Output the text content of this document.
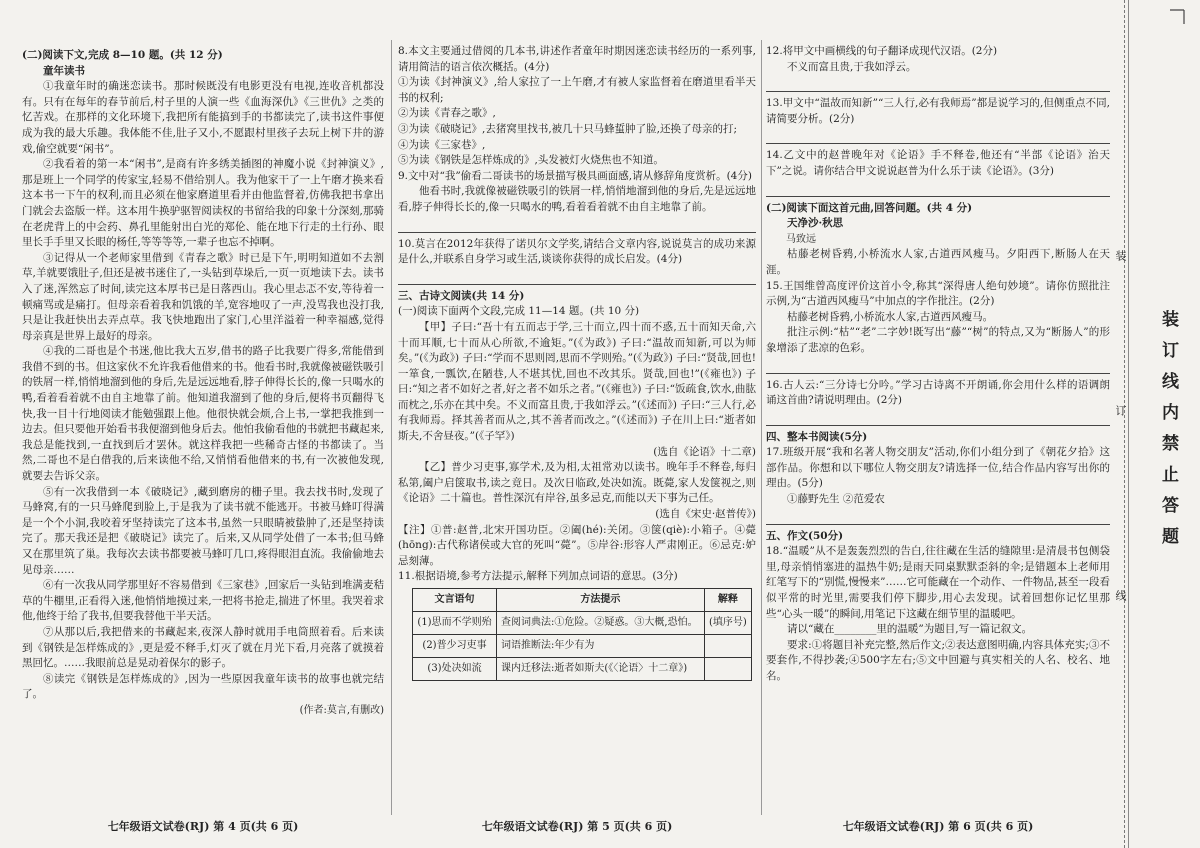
(二)阅读下文,完成 8—10 题。(共 12 分)

童年读书

①我童年时的确迷恋读书。那时候既没有电影更没有电视,连收音机都没有。只有在每年的春节前后,村子里的人演一些《血海深仇》《三世仇》之类的忆苦戏。在那样的文化环境下,我把所有能搞到手的书都读完了,读书这件事便成为我的最大乐趣。我体能不佳,肚子又小,不愿跟村里孩子去玩上树下井的游戏,偷空就要“闲书”。

②我看着的第一本“闲书”,是商有许多绣美插图的神魔小说《封神演义》,那是班上一个同学的传家宝,轻易不借给别人。我为他家干了一上午磨才换来看这本书一下午的权利,而且必须在他家磨道里看并由他监督着,仿佛我把书拿出门就会去盗版一样。这本用牛换驴驱智阅读权的书留给我的印象十分深刻,那骑在老虎背上的中会药、鼻孔里能射出白光的郑伦、能在地下行走的土行孙、眼里长手手里又长眼的杨任,等等等等,一辈子也忘不掉啊。

③记得从一个老师家里借到《青春之歌》时已是下午,明明知道如不去割草,羊就要饿肚子,但还是被书迷住了,一头钻到草垛后,一页一页地读下去。读书入了迷,浑然忘了时间,读完这本厚书已是日落西山。我心里忐忑不安,等待着一顿痛骂或是痛打。但母亲看着我和饥饿的羊,宽容地叹了一声,没骂我也没打我,只是让我赶快出去弄点草。我飞快地跑出了家门,心里洋溢着一种幸福感,觉得母亲真是世界上最好的母亲。

④我的二哥也是个书迷,他比我大五岁,借书的路子比我要广得多,常能借到我借不到的书。但这家伙不允许我看他借来的书。他看书时,我就像被磁铁吸引的铁屑一样,悄悄地溜到他的身后,先是远远地看,脖子伸得长长的,像一只喝水的鸭,看着看着就不由自主地靠了前。他知道我溜到了他的身后,便将书页翻得飞快,我一目十行地阅读才能勉强跟上他。他很快就会烦,合上书,一掌把我推到一边去。但只要他开始看书我便溜到他身后去。他怕我偷看他的书就把书藏起来,我总是能找到,一直找到后才罢休。就这样我把一些稀奇古怪的书都读了。当然,二哥也不是白借我的,后来读他不给,又悄悄看他借来的书,有一次被他发现,就要去告诉父亲。

⑤有一次我借到一本《破晓记》,藏到磨房的栅子里。我去找书时,发现了马蜂窝,有的一只马蜂爬到脸上,于是我为了读书就不能逃开。书被马蜂叮得满是一个个小洞,我咬着牙坚持读完了这本书,虽然一只眼睛被蛰肿了,还是坚持读完了。那天我还是把《破晓记》读完了。后来,又从同学处借了一本书;但马蜂又在那里筑了巢。我每次去读书都要被马蜂叮几口,疼得眼泪直流。我偷偷地去见母亲……

⑥有一次我从同学那里好不容易借到《三家巷》,回家后一头钻到堆满麦秸草的牛棚里,正看得入迷,他悄悄地摸过来,一把将书抢走,揣进了怀里。我哭着求他,他终于给了我书,但要我替他干半天活。

⑦从那以后,我把借来的书藏起来,夜深人静时就用手电筒照着看。后来读到《钢铁是怎样炼成的》,更是爱不释手,灯灭了就在月光下看,月亮落了就摸着黑回忆。……我眼前总是晃动着保尔的影子。

⑧读完《钢铁是怎样炼成的》,因为一些原因我童年读书的故事也就完结了。

(作者:莫言,有删改)

8.本文主要通过借阅的几本书,讲述作者童年时期因迷恋读书经历的一系列事,请用简洁的语言依次概括。(4分)

①为读《封神演义》,给人家拉了一上午磨,才有被人家监督着在磨道里看半天书的权利;

②为读《青春之歌》,

③为读《破晓记》,去猪窝里找书,被几十只马蜂蜇肿了脸,还换了母亲的打;

④为读《三家巷》,

⑤为读《钢铁是怎样炼成的》,头发被灯火烧焦也不知道。

9.文中对“我”偷看二哥读书的场景描写极具画面感,请从修辞角度赏析。(4分)

他看书时,我就像被磁铁吸引的铁屑一样,悄悄地溜到他的身后,先是远远地看,脖子伸得长长的,像一只喝水的鸭,看着看着就不由自主地靠了前。

10.莫言在2012年获得了诺贝尔文学奖,请结合文章内容,说说莫言的成功来源是什么,并联系自身学习或生活,谈谈你获得的成长启发。(4分)

三、古诗文阅读(共 14 分)

(一)阅读下面两个文段,完成 11—14 题。(共 10 分)

【甲】子曰:“吾十有五而志于学,三十而立,四十而不惑,五十而知天命,六十而耳顺,七十而从心所欲,不逾矩。”(《为政》) 子曰:“温故而知新,可以为师矣。”(《为政》) 子曰:“学而不思则罔,思而不学则殆。”(《为政》) 子曰:“贤哉,回也!一箪食,一瓢饮,在陋巷,人不堪其忧,回也不改其乐。贤哉,回也!”(《雍也》) 子曰:“知之者不如好之者,好之者不如乐之者。”(《雍也》) 子曰:“饭疏食,饮水,曲肱而枕之,乐亦在其中矣。不义而富且贵,于我如浮云。”(《述而》) 子曰:“三人行,必有我师焉。择其善者而从之,其不善者而改之。”(《述而》) 子在川上曰:“逝者如斯夫,不舍昼夜。”(《子罕》)

(选自《论语》十二章)

【乙】普少习吏事,寡学术,及为相,太祖常劝以读书。晚年手不释卷,每归私第,阖户启箧取书,读之竟日。及次日临政,处决如流。既薨,家人发箧视之,则《论语》二十篇也。普性深沉有岸谷,虽多忌克,而能以天下事为己任。

(选自《宋史·赵普传》)

【注】①普:赵普,北宋开国功臣。②阖(hé):关闭。③箧(qiè):小箱子。④薨(hōng):古代称诸侯或大官的死叫“薨”。⑤岸谷:形容人严肃刚正。⑥忌克:妒忌刻薄。

11.根据语境,参考方法提示,解释下列加点词语的意思。(3分)

文言语句	方法提示	解释
(1)思而不学则殆	查阅词典法:①危险。②疑惑。③大概,恐怕。	(填序号)
(2)普少习吏事	词语推断法:年少有为	
(3)处决如流	课内迁移法:逝者如斯夫(《〈论语〉十二章》)	

12.将甲文中画横线的句子翻译成现代汉语。(2分)

不义而富且贵,于我如浮云。

13.甲文中“温故而知新”“三人行,必有我师焉”都是说学习的,但侧重点不同,请简要分析。(2分)

14.乙文中的赵普晚年对《论语》手不释卷,他还有“半部《论语》治天下”之说。请你结合甲文说说赵普为什么乐于读《论语》。(3分)

(二)阅读下面这首元曲,回答问题。(共 4 分)

天净沙·秋思

马致远

枯藤老树昏鸦,小桥流水人家,古道西风瘦马。夕阳西下,断肠人在天涯。

15.王国维曾高度评价这首小令,称其“深得唐人绝句妙境”。请你仿照批注示例,为“古道西风瘦马”中加点的字作批注。(2分)

枯藤老树昏鸦,小桥流水人家,古道西风瘦马。

批注示例:“枯”“老”二字妙!既写出“藤”“树”的特点,又为“断肠人”的形象增添了悲凉的色彩。

16.古人云:“三分诗七分吟。”学习古诗离不开朗诵,你会用什么样的语调朗诵这首曲?请说明理由。(2分)

四、整本书阅读(5分)

17.班级开展“我和名著人物交朋友”活动,你们小组分到了《朝花夕拾》这部作品。你想和以下哪位人物交朋友?请选择一位,结合作品内容写出你的理由。(5分)

①藤野先生 ②范爱农

五、作文(50分)

18.“温暖”从不是轰轰烈烈的告白,往往藏在生活的缝隙里:是清晨书包侧袋里,母亲悄悄塞进的温热牛奶;是雨天同桌默默歪斜的伞;是错题本上老师用红笔写下的“别慌,慢慢来”……它可能藏在一个动作、一件物品,甚至一段看似平常的时光里,需要我们停下脚步,用心去发现。试着回想你记忆里那些“心头一暖”的瞬间,用笔记下这藏在细节里的温暖吧。

请以“藏在________里的温暖”为题目,写一篇记叙文。

要求:①将题目补充完整,然后作文;②表达意图明确,内容具体充实;③不要套作,不得抄袭;④500字左右;⑤文中回避与真实相关的人名、校名、地名。

七年级语文试卷(RJ) 第 4 页(共 6 页)	七年级语文试卷(RJ) 第 5 页(共 6 页)	七年级语文试卷(RJ) 第 6 页(共 6 页)
装订线内禁止答题
装
订
线
